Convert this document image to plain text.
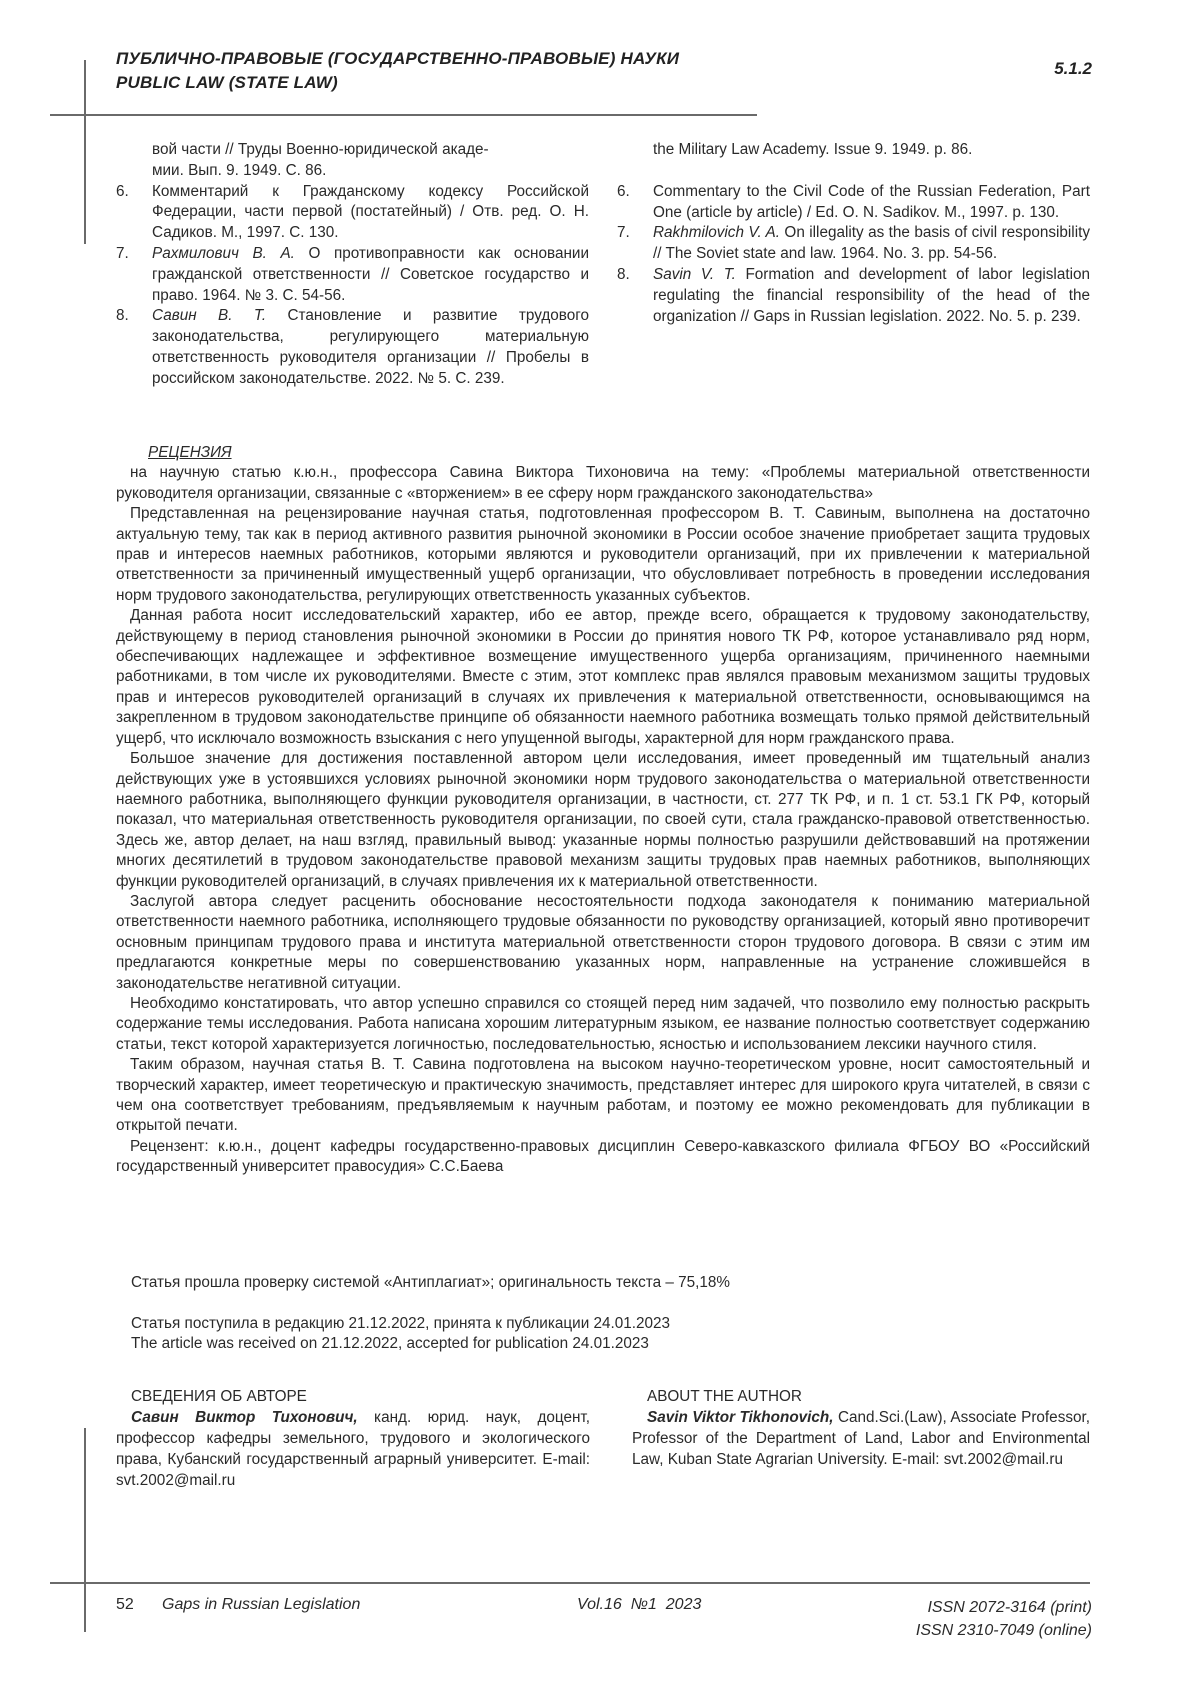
ПУБЛИЧНО-ПРАВОВЫЕ (ГОСУДАРСТВЕННО-ПРАВОВЫЕ) НАУКИ
PUBLIC LAW (STATE LAW)
5.1.2
вой части // Труды Военно-юридической акаде-
мии. Вып. 9. 1949. С. 86.
6.	Комментарий к Гражданскому кодексу Российской Федерации, части первой (постатейный) / Отв. ред. О. Н. Садиков. М., 1997. С. 130.
7.	Рахмилович В. А. О противоправности как основании гражданской ответственности // Советское государство и право. 1964. № 3. С. 54-56.
8.	Савин В. Т. Становление и развитие трудового законодательства, регулирующего материальную ответственность руководителя организации // Пробелы в российском законодательстве. 2022. № 5. С. 239.
the Military Law Academy. Issue 9. 1949. p. 86.
6.	Commentary to the Civil Code of the Russian Federation, Part One (article by article) / Ed. O. N. Sadikov. M., 1997. p. 130.
7.	Rakhmilovich V. A. On illegality as the basis of civil responsibility // The Soviet state and law. 1964. No. 3. pp. 54-56.
8.	Savin V. T. Formation and development of labor legislation regulating the financial responsibility of the head of the organization // Gaps in Russian legislation. 2022. No. 5. p. 239.
РЕЦЕНЗИЯ

на научную статью к.ю.н., профессора Савина Виктора Тихоновича на тему: «Проблемы материальной ответственности руководителя организации, связанные с «вторжением» в ее сферу норм гражданского законодательства»

Представленная на рецензирование научная статья, подготовленная профессором В. Т. Савиным, выполнена на достаточно актуальную тему, так как в период активного развития рыночной экономики в России особое значение приобретает защита трудовых прав и интересов наемных работников, которыми являются и руководители организаций, при их привлечении к материальной ответственности за причиненный имущественный ущерб организации, что обусловливает потребность в проведении исследования норм трудового законодательства, регулирующих ответственность указанных субъектов.

Данная работа носит исследовательский характер, ибо ее автор, прежде всего, обращается к трудовому законодательству, действующему в период становления рыночной экономики в России до принятия нового ТК РФ, которое устанавливало ряд норм, обеспечивающих надлежащее и эффективное возмещение имущественного ущерба организациям, причиненного наемными работниками, в том числе их руководителями. Вместе с этим, этот комплекс прав являлся правовым механизмом защиты трудовых прав и интересов руководителей организаций в случаях их привлечения к материальной ответственности, основывающимся на закрепленном в трудовом законодательстве принципе об обязанности наемного работника возмещать только прямой действительный ущерб, что исключало возможность взыскания с него упущенной выгоды, характерной для норм гражданского права.

Большое значение для достижения поставленной автором цели исследования, имеет проведенный им тщательный анализ действующих уже в устоявшихся условиях рыночной экономики норм трудового законодательства о материальной ответственности наемного работника, выполняющего функции руководителя организации, в частности, ст. 277 ТК РФ, и п. 1 ст. 53.1 ГК РФ, который показал, что материальная ответственность руководителя организации, по своей сути, стала гражданско-правовой ответственностью. Здесь же, автор делает, на наш взгляд, правильный вывод: указанные нормы полностью разрушили действовавший на протяжении многих десятилетий в трудовом законодательстве правовой механизм защиты трудовых прав наемных работников, выполняющих функции руководителей организаций, в случаях привлечения их к материальной ответственности.

Заслугой автора следует расценить обоснование несостоятельности подхода законодателя к пониманию материальной ответственности наемного работника, исполняющего трудовые обязанности по руководству организацией, который явно противоречит основным принципам трудового права и института материальной ответственности сторон трудового договора. В связи с этим им предлагаются конкретные меры по совершенствованию указанных норм, направленные на устранение сложившейся в законодательстве негативной ситуации.

Необходимо констатировать, что автор успешно справился со стоящей перед ним задачей, что позволило ему полностью раскрыть содержание темы исследования. Работа написана хорошим литературным языком, ее название полностью соответствует содержанию статьи, текст которой характеризуется логичностью, последовательностью, ясностью и использованием лексики научного стиля.

Таким образом, научная статья В. Т. Савина подготовлена на высоком научно-теоретическом уровне, носит самостоятельный и творческий характер, имеет теоретическую и практическую значимость, представляет интерес для широкого круга читателей, в связи с чем она соответствует требованиям, предъявляемым к научным работам, и поэтому ее можно рекомендовать для публикации в открытой печати.

Рецензент: к.ю.н., доцент кафедры государственно-правовых дисциплин Северо-кавказского филиала ФГБОУ ВО «Российский государственный университет правосудия» С.С.Баева

Статья прошла проверку системой «Антиплагиат»; оригинальность текста – 75,18%
Статья поступила в редакцию 21.12.2022, принята к публикации 24.01.2023
The article was received on 21.12.2022, accepted for publication 24.01.2023
СВЕДЕНИЯ ОБ АВТОРЕ
Савин Виктор Тихонович, канд. юрид. наук, доцент, профессор кафедры земельного, трудового и экологического права, Кубанский государственный аграрный университет. E-mail: svt.2002@mail.ru
ABOUT THE AUTHOR
Savin Viktor Tikhonovich, Cand.Sci.(Law), Associate Professor, Professor of the Department of Land, Labor and Environmental Law, Kuban State Agrarian University. E-mail: svt.2002@mail.ru
52 Gaps in Russian Legislation	Vol.16  №1  2023	ISSN 2072-3164 (print)
ISSN 2310-7049 (online)
